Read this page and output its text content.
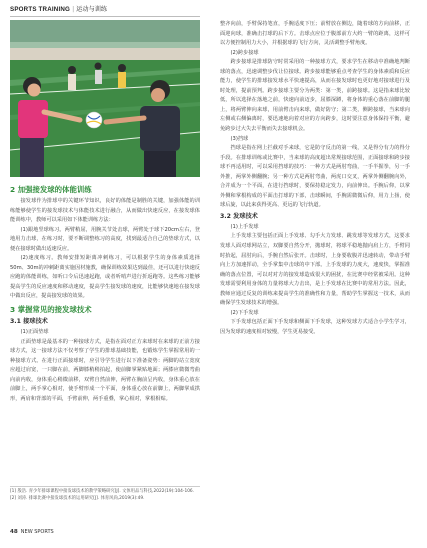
SPORTS TRAINING | 运动与训练
2 加强接发球的体能训练

接发球作为排球中的关键环节知识，良好的体能是制胜的关键，加强体能的训练能够使学生的接发球技术与体能技术进行融合，从而做出快速反应，在接发球体能训练中，教师可以采用如下体能训练方法：

(1)跟地竖球练习。两臂稍屈，用腕关节处击球，两臂处于球下20cm左右，登地用力击球，在练习时，要不断调整练习的高度，找到最适合自己的垫球方式，以便在接球时做出适速反应。

(2)速度练习。教师安排短距离冲刺练习，可以根据学生的身体素质选择50m、30m的冲刺距离实施因材施教，确保训练效果达到最佳，还可以进行快速反应跑的体能训练，如听口令后迅速起跑，或者听哨声进行折返跑等。这些练习能够提高学生的反应速度和移动速度，提高学生接发球的速度，比能够快速地在接发球中做出反应，提高接发球的效果。

3 掌握常见的接发球技术
3.1 接球技术

(1)正面垫球

正面垫球是最基本的一种接球方式，是指在面对正方来球时在来球的正前方接球方式，这一接球方法不仅考察了学生的排球基础技能，也锻炼学生掌握常用的一种接球方式。在进行正面接球时，应引导学生进行以下准备姿势：两脚的站立宽度应超过肩宽，一只脚在前，两脚膝稍稍拍起，使前脚掌紧贴地面；两膝应微微弯曲向前内收，身体重心稍微前移，双臂自然前伸，两臂在胸前呈内收，身体重心放在前脚上，两手掌心相对，使手臂形成一个平面，身体重心放在前脚上，两脚掌成拱形，两肩和背部的平面，手臂前伸，两手重叠，掌心相对，掌根相贴。

[1] 殷浩. 青少年排球课程中接发球技术的教学策略研究[J]. 文体用品与科技,2022(19):104-106.
[2] 刘涛. 排球比赛中接发球技术的运用研究[J]. 体育风尚,2019(3):49.

整齐向前，手臂保持笔直，手腕适度下压；前臂放在侧边，随着球的方向前移，正面迎向球，准确击打球的后下方。击球点应位于腹部前方大约一臂的距离，这样可以方便控制用力大小，并根据球的飞行方向，灵活调整手臂角度。

(2)跨步接球

跨步接球是排球防守时常采用的一种接球方式，要求学生在移动中准确地判断球的落点，迅速调整步伐让位接球。跨步接球能够重点考查学生的身体素质和反应能力，使学生的排球接发球水平快速提高，从而在接发球时也更好地对接球进行及时处理，提前预判。跨步接球主要分为两类：第一类，前跨接球。这是指来球比较低，所以选择在落地之前，快速向前迈步，屈膝深蹲，将身体的重心落在前脚的腿上，将两臂伸向来球，用前臂击向来球，做好防守；第二类，侧跨接球，当来球向左侧或右侧偏离时，要迅速地向着对应的方向跨步，这时要注意身体保持平衡，避免跨步过大失去平衡而失去接球机会。

(3)挡球

挡球是指在网上拦截对手来球，它是防守反击的第一线，又是得分有力的得分手段。在排球训练或比赛中，当来球的高度超出常规接球范围，正面接球和跨步接球不再适用时，可以采用挡球的技巧：一种方式是两肘弯曲，一手半握拳，另一手外推，两掌外侧翻腕；另一种方式是两肘弯曲，两虎口交叉，两掌外侧翻腕向外，合并成为一个平面，在进行挡球时，要保持稳定发力，向前伸出。手腕后仰，以掌外侧和掌根构成的平面击打球的下部，击球瞬间，手腕需微微后仰，用力上扬，使球后旋，以此来获得更高、更远的飞行轨道。

3.2 发球技术

(1)上手发球

上手发球主要包括正面上手发球、勾手大力发球、跳发球等发球方式，这要求发球人面对球网站立，双脚要自然分开，抛球时，将球平稳地抛向肩上方，手臂同时抬起，屈肘向后，手腕自然后张开。击球时，上身要收腹并迅速转动，带动手臂向上方加速挥动，全手掌集中击球的中下部。上手发球的力度大，速度快，掌握准确的落点位置，可以对对方的接发球造成很大的困扰，在比赛中经常被采用。这种发球需要利用身体的力量将球大力击出，是上手发球在比赛中的常用方法。因此，教师应通过反复的训练来提高学生的准确性和力量，帮助学生掌握这一技术，从而确保学生发球技术的增强。

(2)下手发球

下手发球包括正面下手发球和侧面下手发球，这种发球方式适合小学生学习，因为发球的速度相对较慢，学生更易接受。

48 NEW SPORTS
